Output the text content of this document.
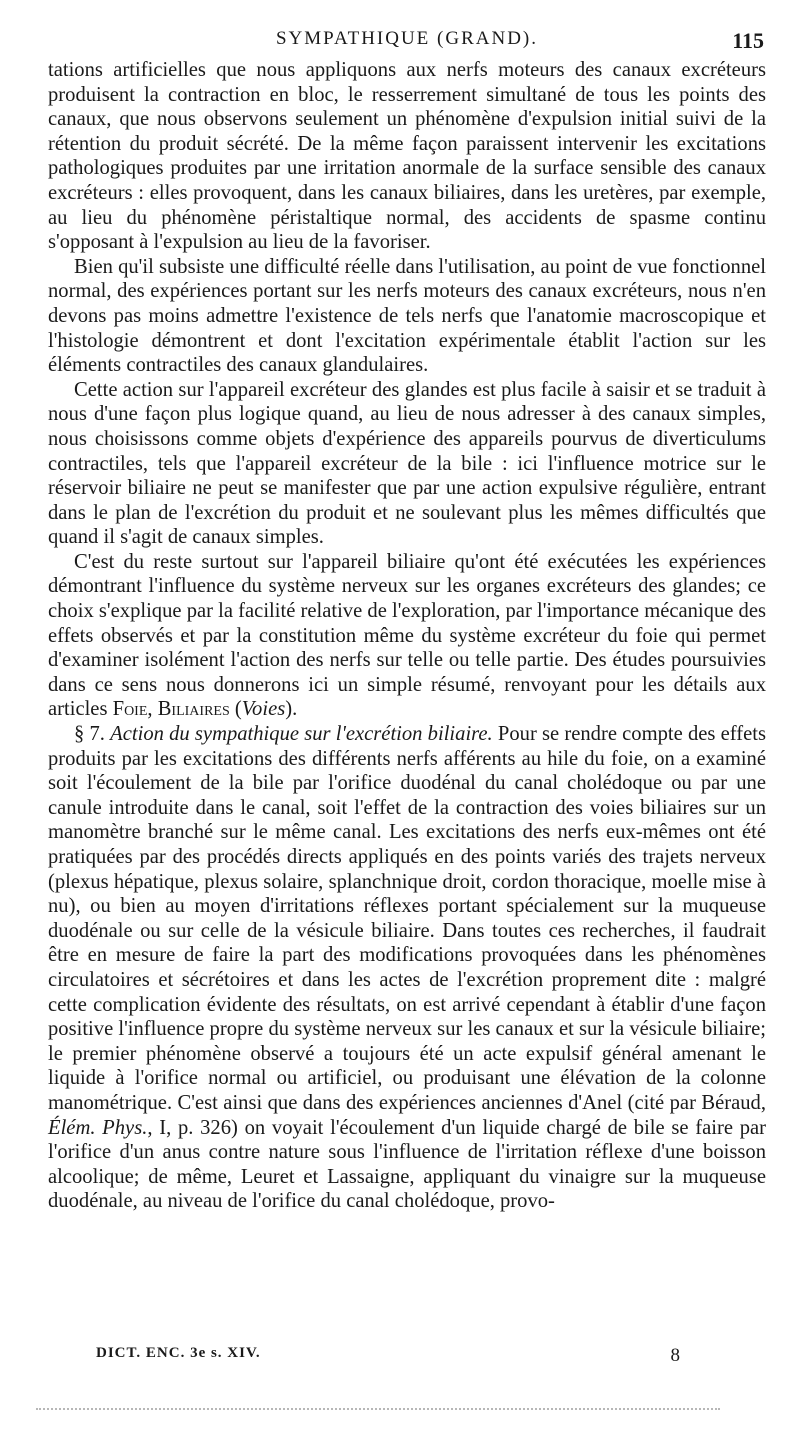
SYMPATHIQUE (GRAND).	115

tations artificielles que nous appliquons aux nerfs moteurs des canaux excréteurs produisent la contraction en bloc, le resserrement simultané de tous les points des canaux, que nous observons seulement un phénomène d'expulsion initial suivi de la rétention du produit sécrété. De la même façon paraissent intervenir les excitations pathologiques produites par une irritation anormale de la surface sensible des canaux excréteurs : elles provoquent, dans les canaux biliaires, dans les uretères, par exemple, au lieu du phénomène péristaltique normal, des accidents de spasme continu s'opposant à l'expulsion au lieu de la favoriser.

Bien qu'il subsiste une difficulté réelle dans l'utilisation, au point de vue fonctionnel normal, des expériences portant sur les nerfs moteurs des canaux excréteurs, nous n'en devons pas moins admettre l'existence de tels nerfs que l'anatomie macroscopique et l'histologie démontrent et dont l'excitation expérimentale établit l'action sur les éléments contractiles des canaux glandulaires.

Cette action sur l'appareil excréteur des glandes est plus facile à saisir et se traduit à nous d'une façon plus logique quand, au lieu de nous adresser à des canaux simples, nous choisissons comme objets d'expérience des appareils pourvus de diverticulums contractiles, tels que l'appareil excréteur de la bile : ici l'influence motrice sur le réservoir biliaire ne peut se manifester que par une action expulsive régulière, entrant dans le plan de l'excrétion du produit et ne soulevant plus les mêmes difficultés que quand il s'agit de canaux simples.

C'est du reste surtout sur l'appareil biliaire qu'ont été exécutées les expériences démontrant l'influence du système nerveux sur les organes excréteurs des glandes; ce choix s'explique par la facilité relative de l'exploration, par l'importance mécanique des effets observés et par la constitution même du système excréteur du foie qui permet d'examiner isolément l'action des nerfs sur telle ou telle partie. Des études poursuivies dans ce sens nous donnerons ici un simple résumé, renvoyant pour les détails aux articles Foie, Biliaires (Voies).

§ 7. Action du sympathique sur l'excrétion biliaire. Pour se rendre compte des effets produits par les excitations des différents nerfs afférents au hile du foie, on a examiné soit l'écoulement de la bile par l'orifice duodénal du canal cholédoque ou par une canule introduite dans le canal, soit l'effet de la contraction des voies biliaires sur un manomètre branché sur le même canal. Les excitations des nerfs eux-mêmes ont été pratiquées par des procédés directs appliqués en des points variés des trajets nerveux (plexus hépatique, plexus solaire, splanchnique droit, cordon thoracique, moelle mise à nu), ou bien au moyen d'irritations réflexes portant spécialement sur la muqueuse duodénale ou sur celle de la vésicule biliaire. Dans toutes ces recherches, il faudrait être en mesure de faire la part des modifications provoquées dans les phénomènes circulatoires et sécrétoires et dans les actes de l'excrétion proprement dite : malgré cette complication évidente des résultats, on est arrivé cependant à établir d'une façon positive l'influence propre du système nerveux sur les canaux et sur la vésicule biliaire; le premier phénomène observé a toujours été un acte expulsif général amenant le liquide à l'orifice normal ou artificiel, ou produisant une élévation de la colonne manométrique. C'est ainsi que dans des expériences anciennes d'Anel (cité par Béraud, Élém. Phys., I, p. 326) on voyait l'écoulement d'un liquide chargé de bile se faire par l'orifice d'un anus contre nature sous l'influence de l'irritation réflexe d'une boisson alcoolique; de même, Leuret et Lassaigne, appliquant du vinaigre sur la muqueuse duodénale, au niveau de l'orifice du canal cholédoque, provo-

DICT. ENC. 3e s. XIV.	8
